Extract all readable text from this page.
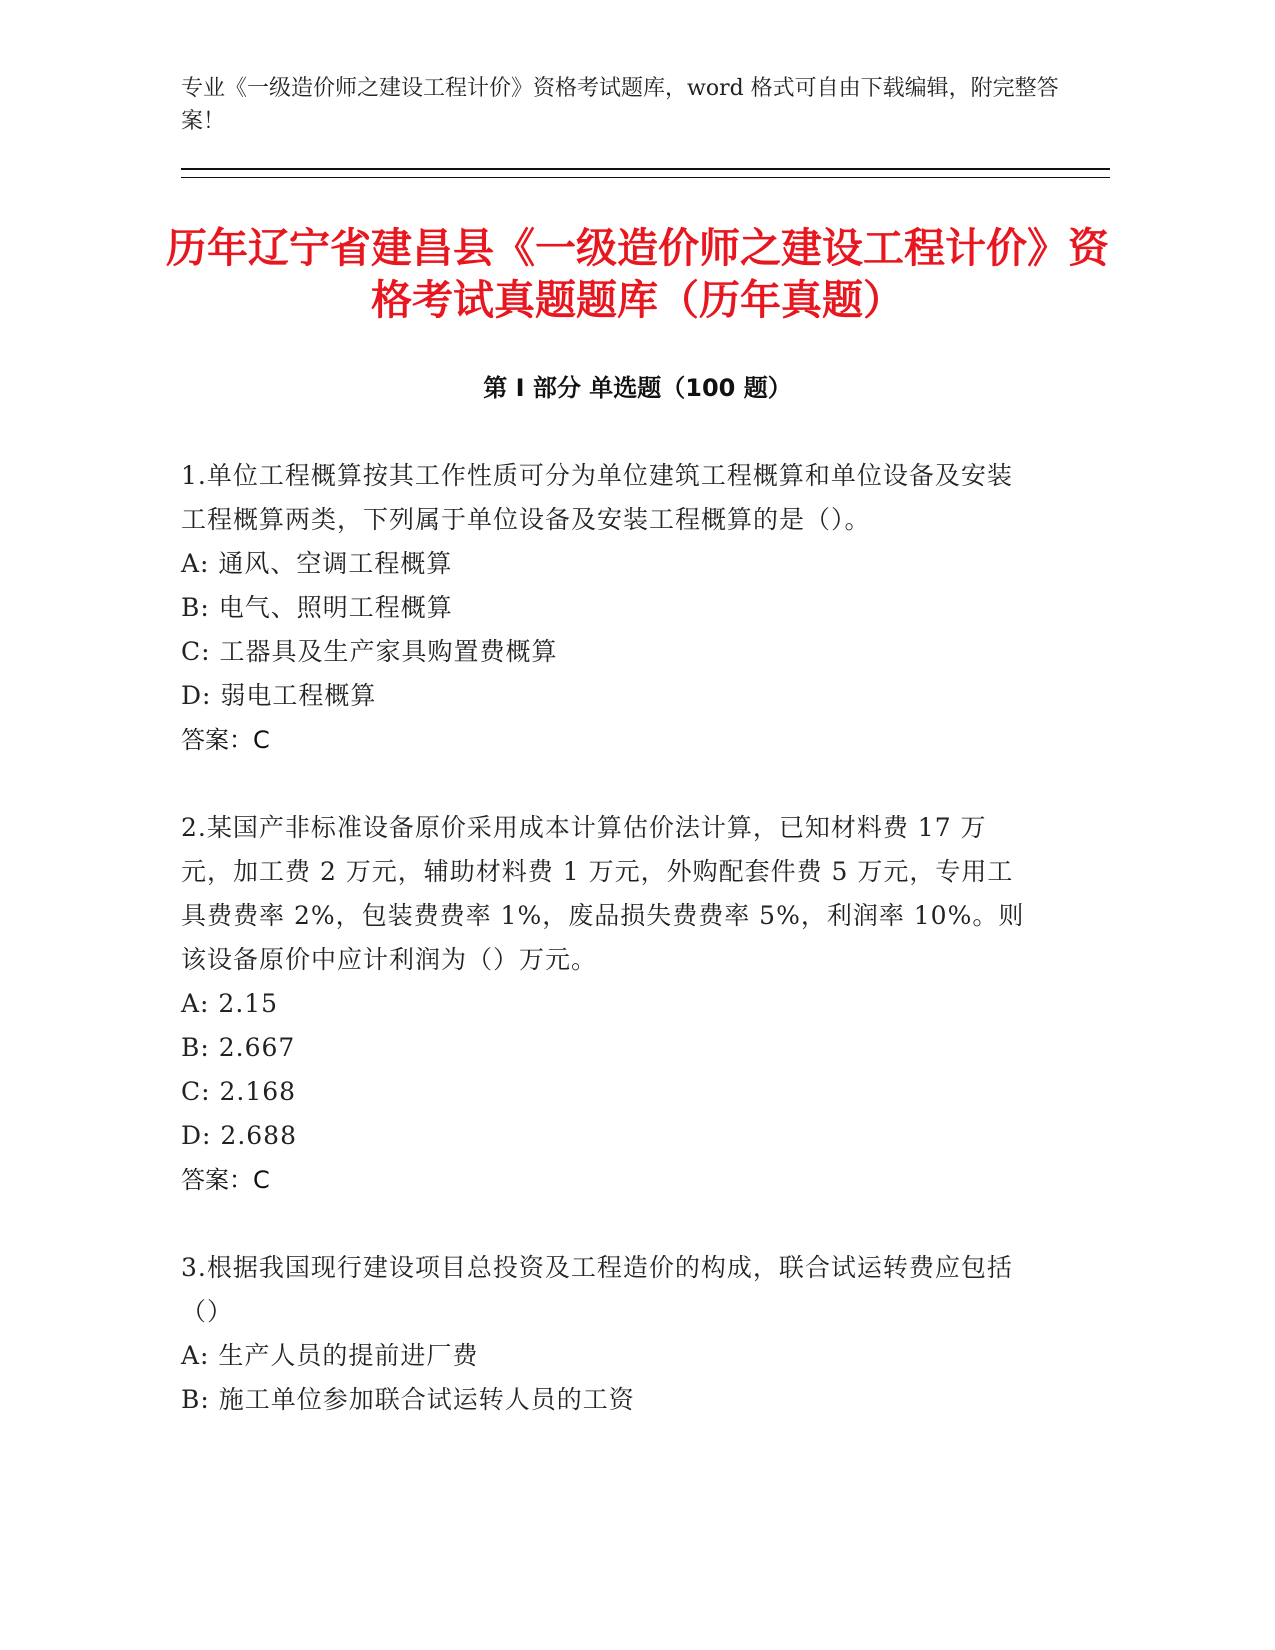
专业《一级造价师之建设工程计价》资格考试题库，word 格式可自由下载编辑，附完整答案！
历年辽宁省建昌县《一级造价师之建设工程计价》资格考试真题题库（历年真题）
第 I 部分 单选题（100 题）

1.单位工程概算按其工作性质可分为单位建筑工程概算和单位设备及安装工程概算两类，下列属于单位设备及安装工程概算的是（）。

A: 通风、空调工程概算

B: 电气、照明工程概算

C: 工器具及生产家具购置费概算

D: 弱电工程概算

答案：C

2.某国产非标准设备原价采用成本计算估价法计算，已知材料费 17 万元，加工费 2 万元，辅助材料费 1 万元，外购配套件费 5 万元，专用工具费费率 2%，包装费费率 1%，废品损失费费率 5%，利润率 10%。则该设备原价中应计利润为（）万元。

A: 2.15

B: 2.667

C: 2.168

D: 2.688

答案：C

3.根据我国现行建设项目总投资及工程造价的构成，联合试运转费应包括（）

A: 生产人员的提前进厂费

B: 施工单位参加联合试运转人员的工资
